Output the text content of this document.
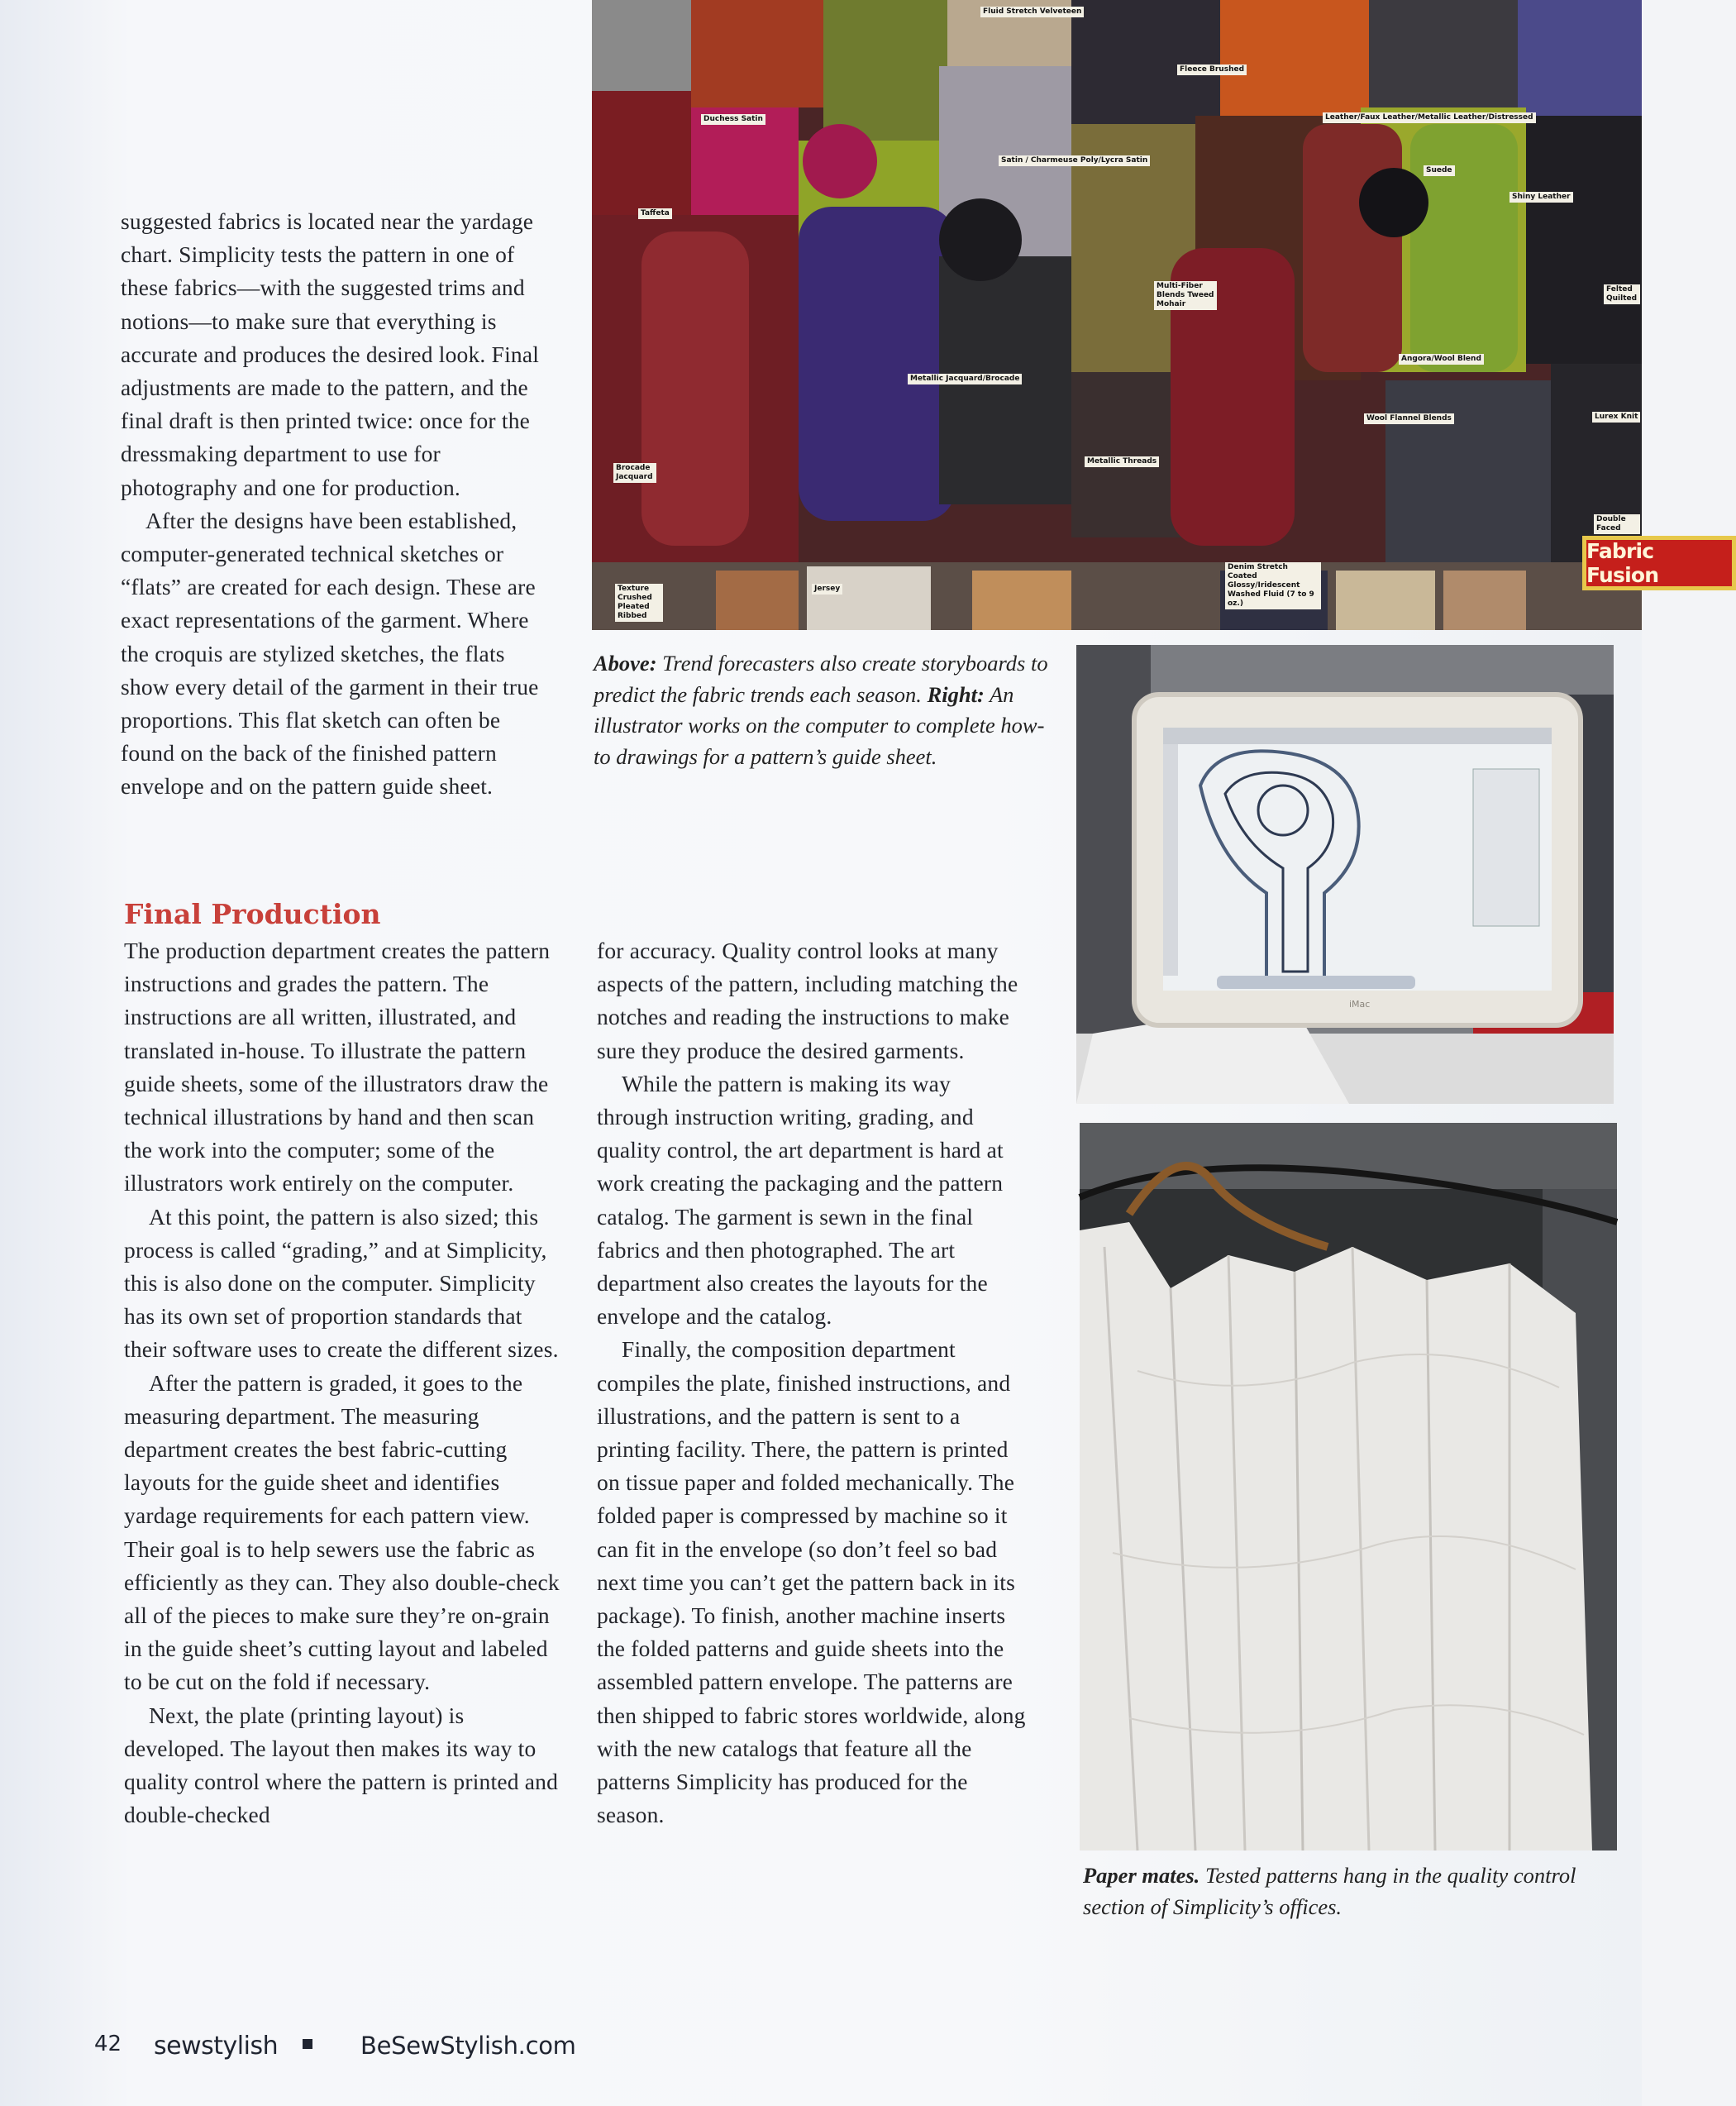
suggested fabrics is located near the yardage chart. Simplicity tests the pattern in one of these fabrics—with the suggested trims and notions—to make sure that everything is accurate and produces the desired look. Final adjustments are made to the pattern, and the final draft is then printed twice: once for the dressmaking department to use for photography and one for production.

After the designs have been established, computer-generated technical sketches or “flats” are created for each design. These are exact representations of the garment. Where the croquis are stylized sketches, the flats show every detail of the garment in their true proportions. This flat sketch can often be found on the back of the finished pattern envelope and on the pattern guide sheet.

Final Production

The production department creates the pattern instructions and grades the pattern. The instructions are all written, illustrated, and translated in-house. To illustrate the pattern guide sheets, some of the illustrators draw the technical illustrations by hand and then scan the work into the computer; some of the illustrators work entirely on the computer.

At this point, the pattern is also sized; this process is called “grading,” and at Simplicity, this is also done on the computer. Simplicity has its own set of proportion standards that their software uses to create the different sizes.

After the pattern is graded, it goes to the measuring department. The measuring department creates the best fabric-cutting layouts for the guide sheet and identifies yardage requirements for each pattern view. Their goal is to help sewers use the fabric as efficiently as they can. They also double-check all of the pieces to make sure they’re on-grain in the guide sheet’s cutting layout and labeled to be cut on the fold if necessary.

Next, the plate (printing layout) is developed. The layout then makes its way to quality control where the pattern is printed and double-checked

for accuracy. Quality control looks at many aspects of the pattern, including matching the notches and reading the instructions to make sure they produce the desired garments.

While the pattern is making its way through instruction writing, grading, and quality control, the art department is hard at work creating the packaging and the pattern catalog. The garment is sewn in the final fabrics and then photographed. The art department also creates the layouts for the envelope and the catalog.

Finally, the composition department compiles the plate, finished instructions, and illustrations, and the pattern is sent to a printing facility. There, the pattern is printed on tissue paper and folded mechanically. The folded paper is compressed by machine so it can fit in the envelope (so don’t feel so bad next time you can’t get the pattern back in its package). To finish, another machine inserts the folded patterns and guide sheets into the assembled pattern envelope. The patterns are then shipped to fabric stores worldwide, along with the new catalogs that feature all the patterns Simplicity has produced for the season.

Fluid Stretch Velveteen
Duchess Satin
Satin / Charmeuse Poly/Lycra Satin
Fleece Brushed
Leather/Faux Leather/Metallic Leather/Distressed
Taffeta
Suede
Shiny Leather
Multi-Fiber Blends Tweed Mohair
Angora/Wool Blend
Metallic Jacquard/Brocade
Wool Flannel Blends
Brocade Jacquard
Metallic Threads
Texture Crushed Pleated Ribbed
Jersey
Denim Stretch Coated Glossy/Iridescent Washed Fluid (7 to 9 oz.)
Double Faced
Lurex Knit
Felted Quilted
Fabric Fusion
Above: Trend forecasters also create storyboards to predict the fabric trends each season. Right: An illustrator works on the computer to complete how-to drawings for a pattern’s guide sheet.
iMac
Paper mates. Tested patterns hang in the quality control section of Simplicity’s offices.
42 sewstylish	BeSewStylish.com
